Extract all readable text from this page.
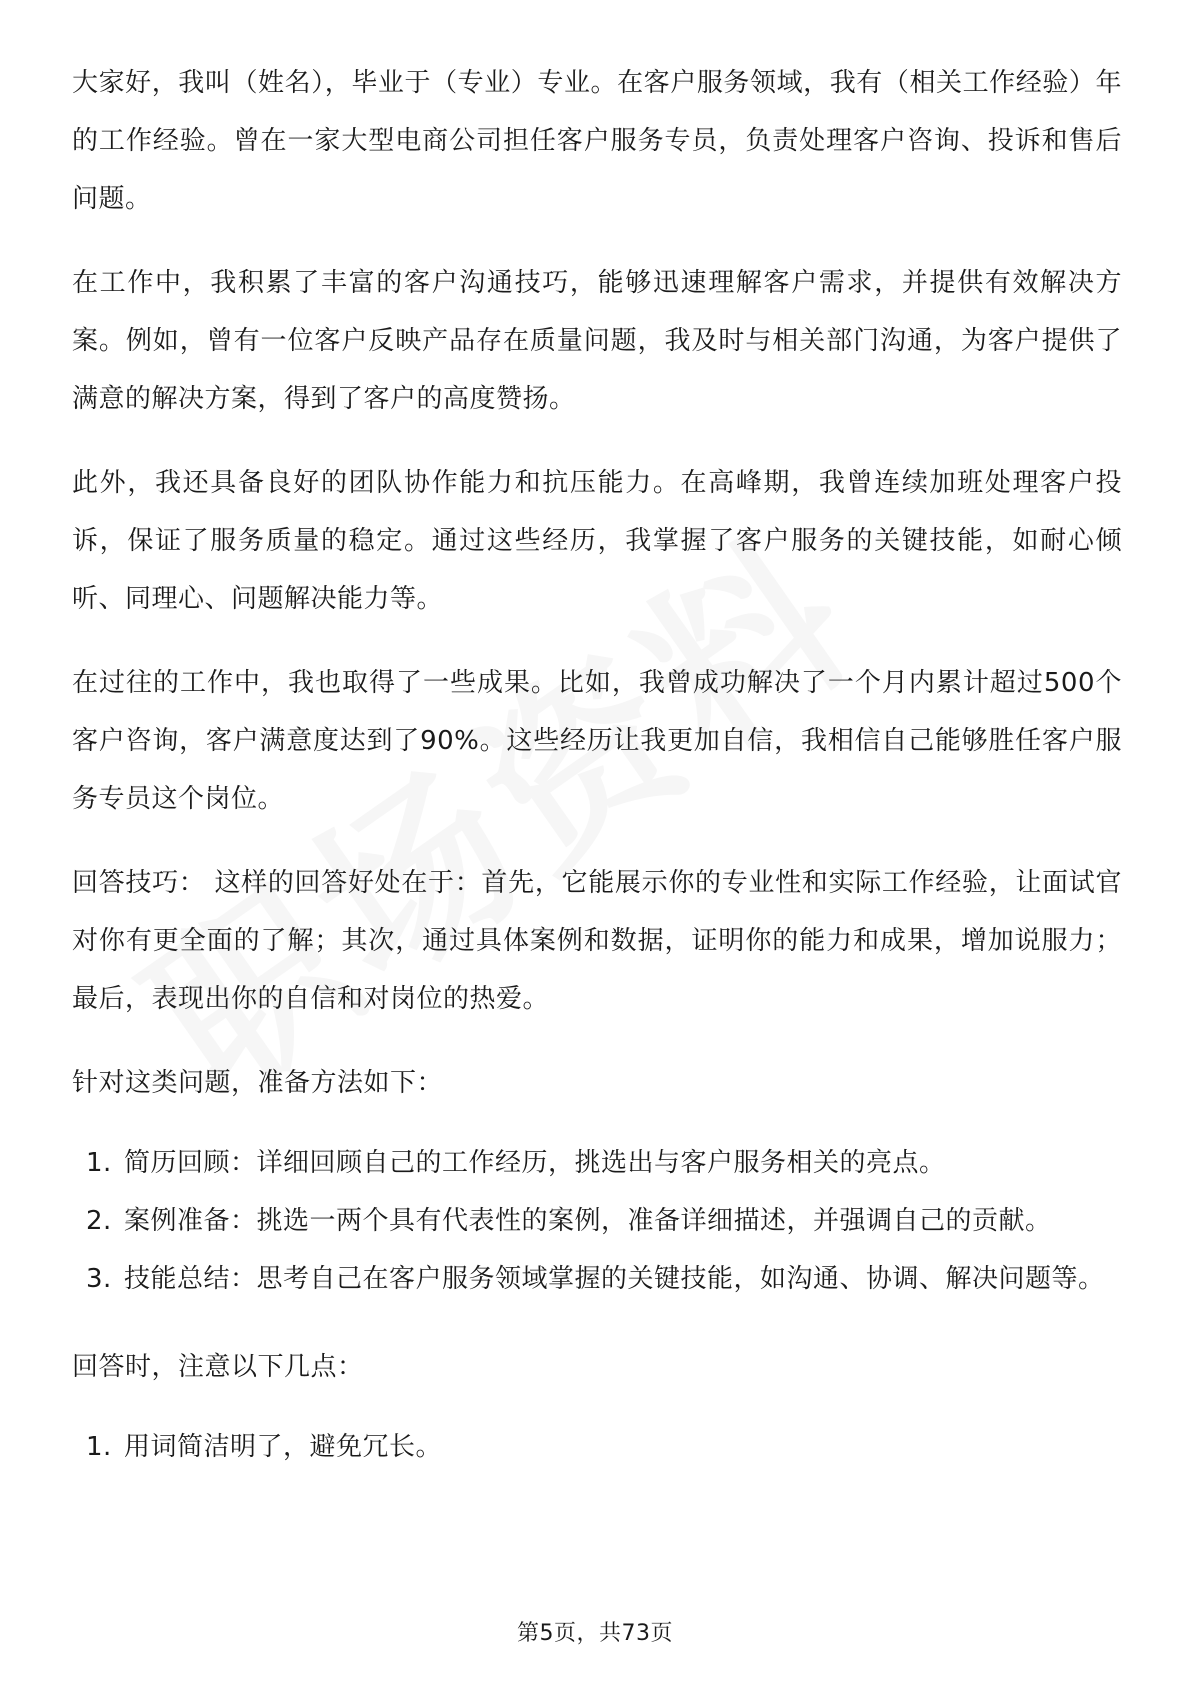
大家好，我叫（姓名），毕业于（专业）专业。在客户服务领域，我有（相关工作经验）年的工作经验。曾在一家大型电商公司担任客户服务专员，负责处理客户咨询、投诉和售后问题。

在工作中，我积累了丰富的客户沟通技巧，能够迅速理解客户需求，并提供有效解决方案。例如，曾有一位客户反映产品存在质量问题，我及时与相关部门沟通，为客户提供了满意的解决方案，得到了客户的高度赞扬。

此外，我还具备良好的团队协作能力和抗压能力。在高峰期，我曾连续加班处理客户投诉，保证了服务质量的稳定。通过这些经历，我掌握了客户服务的关键技能，如耐心倾听、同理心、问题解决能力等。

在过往的工作中，我也取得了一些成果。比如，我曾成功解决了一个月内累计超过500个客户咨询，客户满意度达到了90%。这些经历让我更加自信，我相信自己能够胜任客户服务专员这个岗位。

回答技巧： 这样的回答好处在于：首先，它能展示你的专业性和实际工作经验，让面试官对你有更全面的了解；其次，通过具体案例和数据，证明你的能力和成果，增加说服力；最后，表现出你的自信和对岗位的热爱。

针对这类问题，准备方法如下：

1. 简历回顾：详细回顾自己的工作经历，挑选出与客户服务相关的亮点。
2. 案例准备：挑选一两个具有代表性的案例，准备详细描述，并强调自己的贡献。
3. 技能总结：思考自己在客户服务领域掌握的关键技能，如沟通、协调、解决问题等。

回答时，注意以下几点：

1. 用词简洁明了，避免冗长。
第5页，共73页
